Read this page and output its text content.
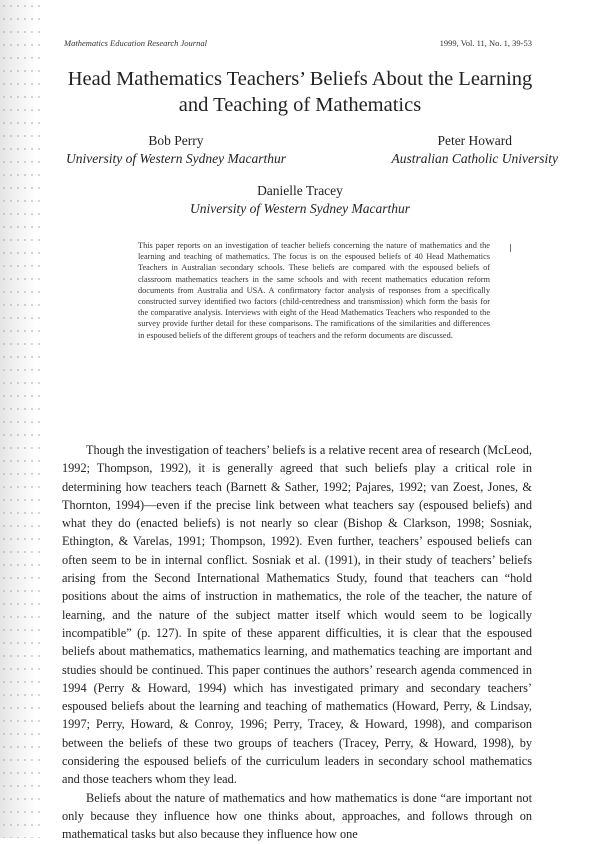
Mathematics Education Research Journal	1999, Vol. 11, No. 1, 39-53
Head Mathematics Teachers’ Beliefs About the Learning and Teaching of Mathematics
Bob Perry
University of Western Sydney Macarthur
Peter Howard
Australian Catholic University
Danielle Tracey
University of Western Sydney Macarthur

This paper reports on an investigation of teacher beliefs concerning the nature of mathematics and the learning and teaching of mathematics. The focus is on the espoused beliefs of 40 Head Mathematics Teachers in Australian secondary schools. These beliefs are compared with the espoused beliefs of classroom mathematics teachers in the same schools and with recent mathematics education reform documents from Australia and USA. A confirmatory factor analysis of responses from a specifically constructed survey identified two factors (child-centredness and transmission) which form the basis for the comparative analysis. Interviews with eight of the Head Mathematics Teachers who responded to the survey provide further detail for these comparisons. The ramifications of the similarities and differences in espoused beliefs of the different groups of teachers and the reform documents are discussed.

Though the investigation of teachers’ beliefs is a relative recent area of research (McLeod, 1992; Thompson, 1992), it is generally agreed that such beliefs play a critical role in determining how teachers teach (Barnett & Sather, 1992; Pajares, 1992; van Zoest, Jones, & Thornton, 1994)—even if the precise link between what teachers say (espoused beliefs) and what they do (enacted beliefs) is not nearly so clear (Bishop & Clarkson, 1998; Sosniak, Ethington, & Varelas, 1991; Thompson, 1992). Even further, teachers’ espoused beliefs can often seem to be in internal conflict. Sosniak et al. (1991), in their study of teachers’ beliefs arising from the Second International Mathematics Study, found that teachers can “hold positions about the aims of instruction in mathematics, the role of the teacher, the nature of learning, and the nature of the subject matter itself which would seem to be logically incompatible” (p. 127). In spite of these apparent difficulties, it is clear that the espoused beliefs about mathematics, mathematics learning, and mathematics teaching are important and studies should be continued. This paper continues the authors’ research agenda commenced in 1994 (Perry & Howard, 1994) which has investigated primary and secondary teachers’ espoused beliefs about the learning and teaching of mathematics (Howard, Perry, & Lindsay, 1997; Perry, Howard, & Conroy, 1996; Perry, Tracey, & Howard, 1998), and comparison between the beliefs of these two groups of teachers (Tracey, Perry, & Howard, 1998), by considering the espoused beliefs of the curriculum leaders in secondary school mathematics and those teachers whom they lead.

Beliefs about the nature of mathematics and how mathematics is done “are important not only because they influence how one thinks about, approaches, and follows through on mathematical tasks but also because they influence how one
